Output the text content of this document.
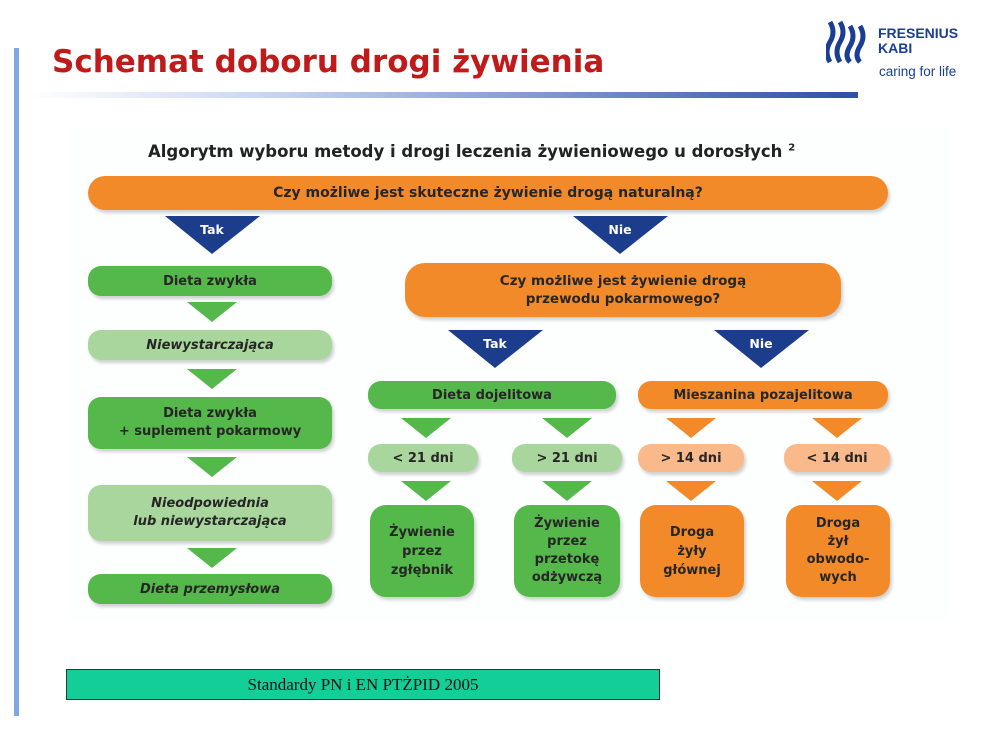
Schemat doboru drogi żywienia
FRESENIUS
KABI
caring for life
Algorytm wyboru metody i drogi leczenia żywieniowego u dorosłych $^2$
Tak	Nie
Tak	Nie
Czy możliwe jest skuteczne żywienie drogą naturalną?
Dieta zwykła
Niewystarczająca
Dieta zwykła
+ suplement pokarmowy
Nieodpowiednia
lub niewystarczająca
Dieta przemysłowa
Czy możliwe jest żywienie drogą
przewodu pokarmowego?
Dieta dojelitowa	Mieszanina pozajelitowa
< 21 dni	> 21 dni	> 14 dni	< 14 dni
Żywienie
przez
zgłębnik
Żywienie
przez
przetokę
odżywczą
Droga
żyły
głównej
Droga
żył
obwodo-
wych
Standardy PN i EN PTŻPID 2005
